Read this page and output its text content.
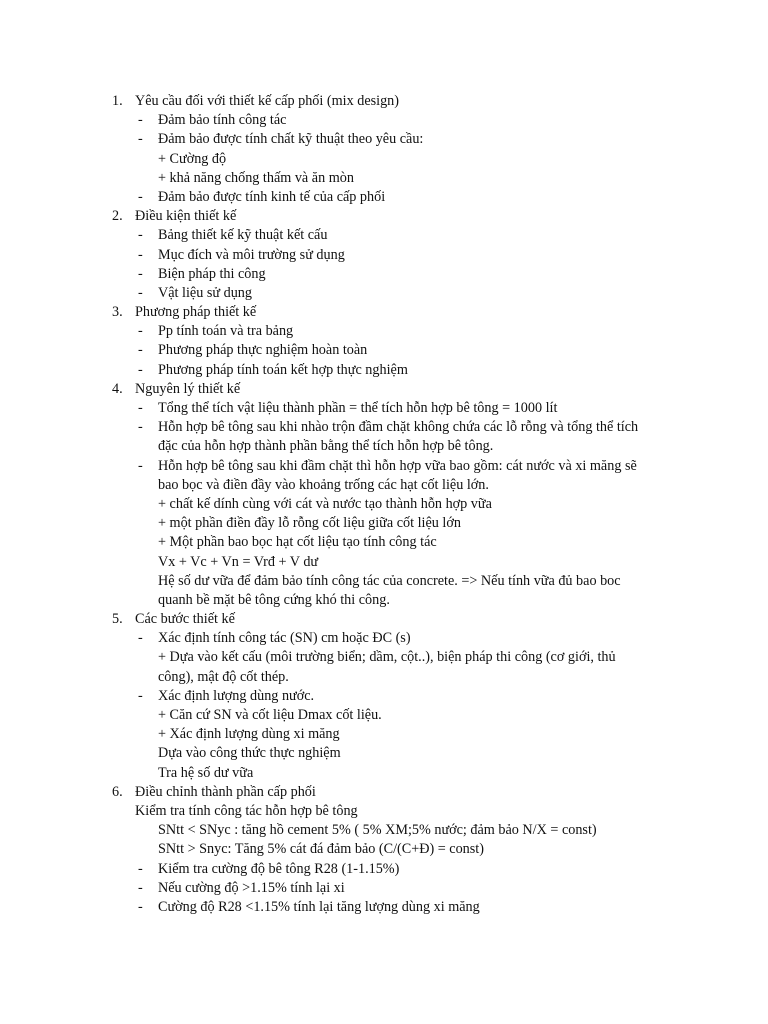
1. Yêu cầu đối với thiết kế cấp phối (mix design)
- Đảm bảo tính công tác
- Đảm bảo được tính chất kỹ thuật theo yêu cầu:
+ Cường độ
+ khả năng chống thấm và ăn mòn
- Đảm bảo được tính kinh tế của cấp phối
2. Điều kiện thiết kế
- Bảng thiết kế kỹ thuật kết cấu
- Mục đích và môi trường sử dụng
- Biện pháp thi công
- Vật liệu sử dụng
3. Phương pháp thiết kế
- Pp tính toán và tra bảng
- Phương pháp thực nghiệm hoàn toàn
- Phương pháp tính toán kết hợp thực nghiệm
4. Nguyên lý thiết kế
- Tổng thể tích vật liệu thành phần = thể tích hỗn hợp bê tông = 1000 lít
- Hỗn hợp bê tông sau khi nhào trộn đầm chặt không chứa các lỗ rỗng và tổng thể tích
đặc của hỗn hợp thành phần bằng thể tích hỗn hợp bê tông.
- Hỗn hợp bê tông sau khi đầm chặt thì hỗn hợp vữa bao gồm: cát nước và xi măng sẽ
bao bọc và điền đầy vào khoảng trống các hạt cốt liệu lớn.
+ chất kế dính cùng với cát và nước tạo thành hỗn hợp vữa
+ một phần điền đầy lỗ rỗng cốt liệu giữa cốt liệu lớn
+ Một phần bao bọc hạt cốt liệu tạo tính công tác
Vx + Vc + Vn = Vrđ + V dư
Hệ số dư vữa để đảm bảo tính công tác của concrete. => Nếu tính vữa đủ bao boc
quanh bề mặt bê tông cứng khó thi công.
5. Các bước thiết kế
- Xác định tính công tác (SN) cm hoặc ĐC (s)
+ Dựa vào kết cấu (môi trường biển; dầm, cột..), biện pháp thi công (cơ giới, thủ
công), mật độ cốt thép.
- Xác định lượng dùng nước.
+ Căn cứ SN và cốt liệu Dmax cốt liệu.
+ Xác định lượng dùng xi măng
Dựa vào công thức thực nghiệm
Tra hệ số dư vữa
6. Điều chỉnh thành phần cấp phối
Kiểm tra tính công tác hỗn hợp bê tông
SNtt < SNyc : tăng hồ cement 5% ( 5% XM;5% nước; đảm bảo N/X = const)
SNtt > Snyc: Tăng 5% cát đá đảm bảo (C/(C+Đ) = const)
- Kiểm tra cường độ bê tông R28 (1-1.15%)
- Nếu cường độ >1.15% tính lại xi
- Cường độ R28 <1.15% tính lại tăng lượng dùng xi măng
